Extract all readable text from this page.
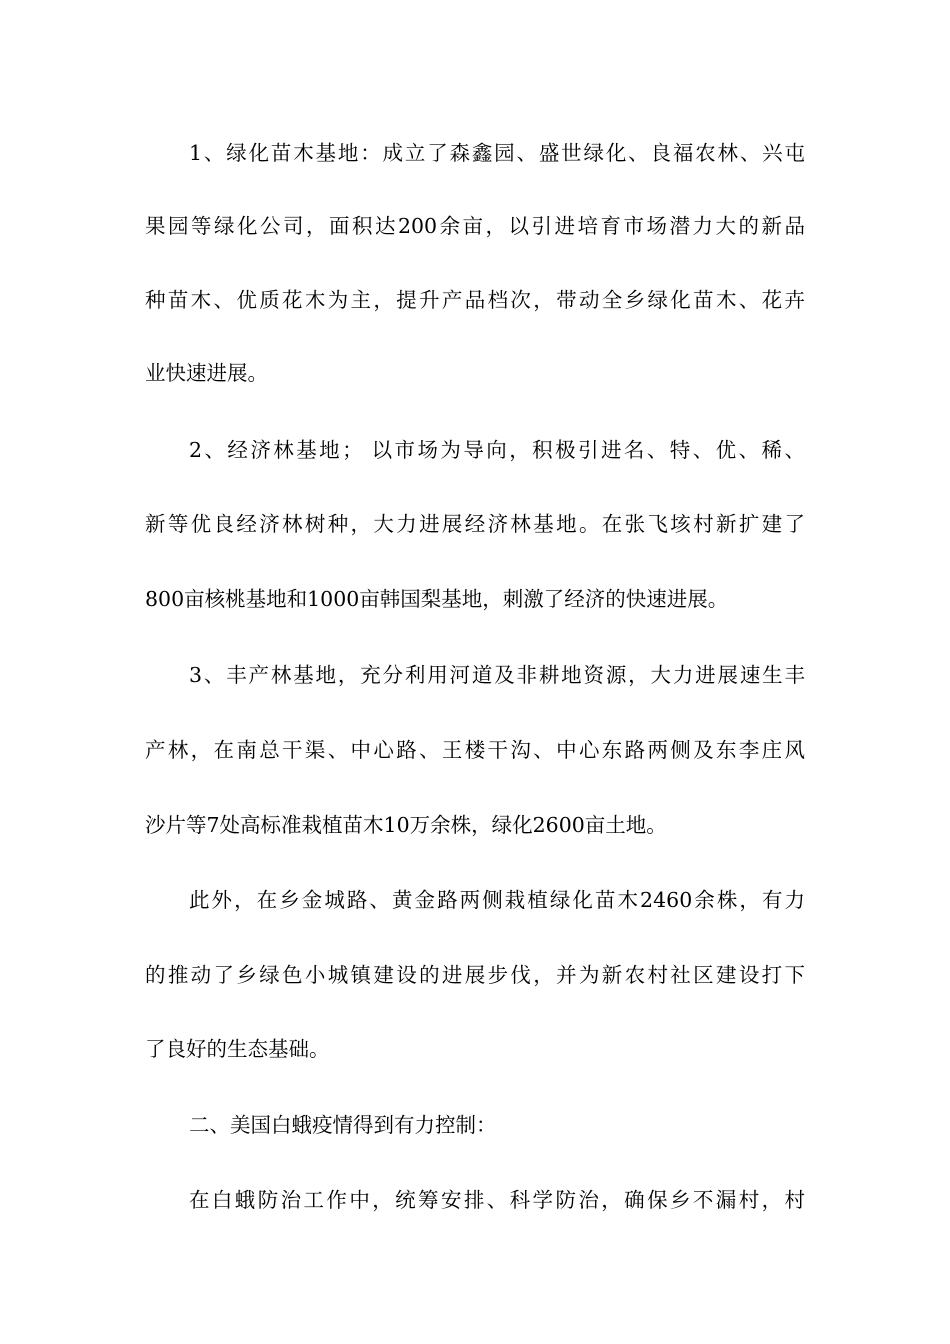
1、绿化苗木基地：成立了森鑫园、盛世绿化、良福农林、兴屯
果园等绿化公司，面积达200余亩，以引进培育市场潜力大的新品
种苗木、优质花木为主，提升产品档次，带动全乡绿化苗木、花卉
业快速进展。
2、经济林基地； 以市场为导向，积极引进名、特、优、稀、
新等优良经济林树种，大力进展经济林基地。在张飞垓村新扩建了
800亩核桃基地和1000亩韩国梨基地，刺激了经济的快速进展。
3、丰产林基地，充分利用河道及非耕地资源，大力进展速生丰
产林，在南总干渠、中心路、王楼干沟、中心东路两侧及东李庄风
沙片等7处高标准栽植苗木10万余株，绿化2600亩土地。
此外，在乡金城路、黄金路两侧栽植绿化苗木2460余株，有力
的推动了乡绿色小城镇建设的进展步伐，并为新农村社区建设打下
了良好的生态基础。
二、美国白蛾疫情得到有力控制：
在白蛾防治工作中，统筹安排、科学防治，确保乡不漏村，村
